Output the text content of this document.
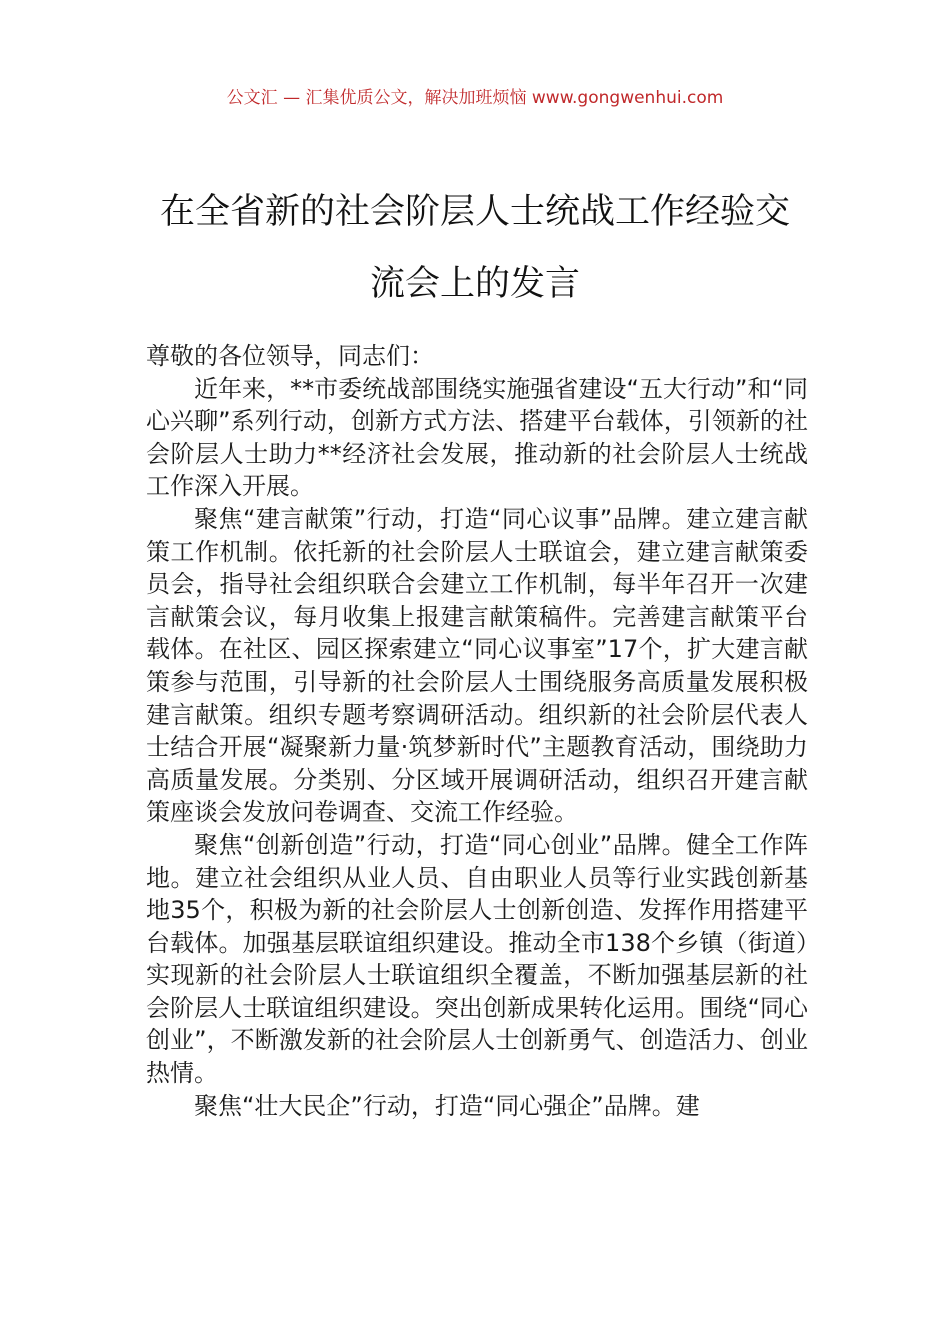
公文汇 — 汇集优质公文，解决加班烦恼 www.gongwenhui.com
在全省新的社会阶层人士统战工作经验交
流会上的发言

尊敬的各位领导，同志们：

近年来，**市委统战部围绕实施强省建设“五大行动”和“同心兴聊”系列行动，创新方式方法、搭建平台载体，引领新的社会阶层人士助力**经济社会发展，推动新的社会阶层人士统战工作深入开展。

聚焦“建言献策”行动，打造“同心议事”品牌。建立建言献策工作机制。依托新的社会阶层人士联谊会，建立建言献策委员会，指导社会组织联合会建立工作机制，每半年召开一次建言献策会议，每月收集上报建言献策稿件。完善建言献策平台载体。在社区、园区探索建立“同心议事室”17个，扩大建言献策参与范围，引导新的社会阶层人士围绕服务高质量发展积极建言献策。组织专题考察调研活动。组织新的社会阶层代表人士结合开展“凝聚新力量·筑梦新时代”主题教育活动，围绕助力高质量发展。分类别、分区域开展调研活动，组织召开建言献策座谈会发放问卷调查、交流工作经验。

聚焦“创新创造”行动，打造“同心创业”品牌。健全工作阵地。建立社会组织从业人员、自由职业人员等行业实践创新基地35个，积极为新的社会阶层人士创新创造、发挥作用搭建平台载体。加强基层联谊组织建设。推动全市138个乡镇（街道）实现新的社会阶层人士联谊组织全覆盖，不断加强基层新的社会阶层人士联谊组织建设。突出创新成果转化运用。围绕“同心创业”，不断激发新的社会阶层人士创新勇气、创造活力、创业热情。

聚焦“壮大民企”行动，打造“同心强企”品牌。建
